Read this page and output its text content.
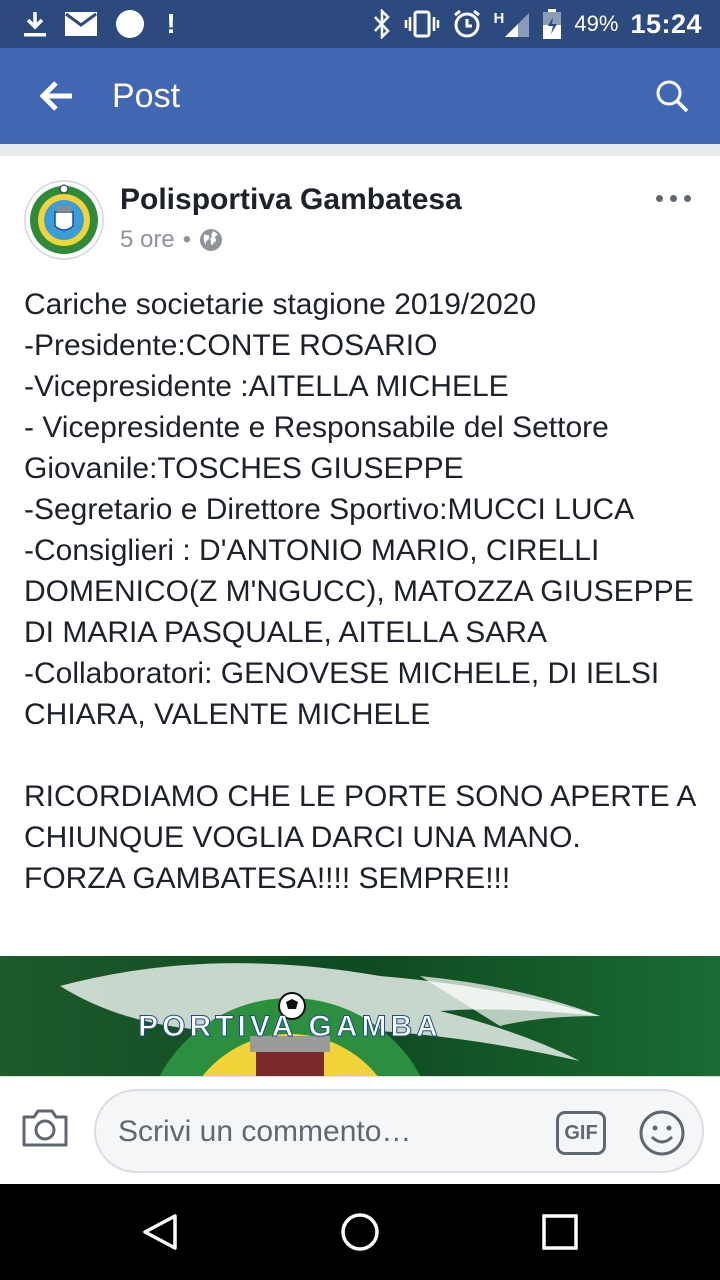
!	H	49% 15:24
Post
Polisportiva Gambatesa
5 ore •
Cariche societarie stagione 2019/2020
-Presidente:CONTE ROSARIO
-Vicepresidente :AITELLA MICHELE
- Vicepresidente e Responsabile del Settore Giovanile:TOSCHES GIUSEPPE
-Segretario e Direttore Sportivo:MUCCI LUCA
-Consiglieri : D'ANTONIO MARIO, CIRELLI DOMENICO(Z M'NGUCC), MATOZZA GIUSEPPE DI MARIA PASQUALE, AITELLA SARA
-Collaboratori: GENOVESE MICHELE, DI IELSI CHIARA, VALENTE MICHELE

RICORDIAMO CHE LE PORTE SONO APERTE A CHIUNQUE VOGLIA DARCI UNA MANO.
FORZA GAMBATESA!!!! SEMPRE!!!
PORTIVA GAMBA
Scrivi un commento…	GIF
